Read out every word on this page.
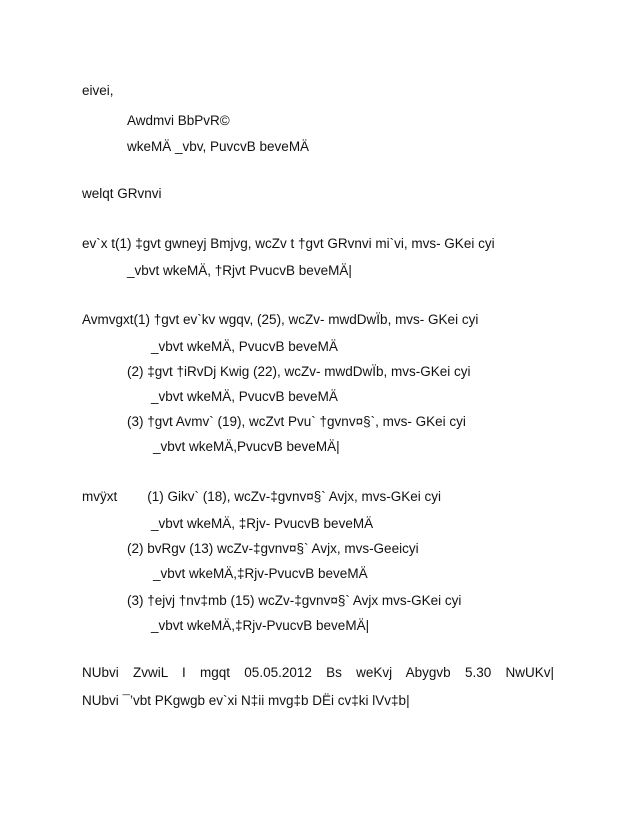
eivei,
Awdmvi BbPvR©
wkeMÄ _vbv, PuvcvB beveMÄ
welqt GRvnvi
ev`x t(1) ‡gvt gwneyj Bmjvg, wcZv t †gvt GRvnvi mi`vi, mvs- GKei cyi
_vbvt wkeMÄ, †Rjvt PvucvB beveMÄ|
Avmvgxt(1) †gvt ev`kv wgqv, (25), wcZv- mwdDwÏb, mvs- GKei cyi
_vbvt wkeMÄ, PvucvB beveMÄ
(2) ‡gvt †iRvDj Kwig (22), wcZv- mwdDwÏb, mvs-GKei cyi
_vbvt wkeMÄ, PvucvB beveMÄ
(3) †gvt Avmv` (19), wcZvt Pvu` †gvnv¤§`, mvs- GKei cyi
_vbvt wkeMÄ,PvucvB beveMÄ|
mvÿxt        (1) Gikv` (18), wcZv-‡gvnv¤§` Avjx, mvs-GKei cyi
_vbvt wkeMÄ, ‡Rjv- PvucvB beveMÄ
(2) bvRgv (13) wcZv-‡gvnv¤§` Avjx, mvs-Geeicyi
_vbvt wkeMÄ,‡Rjv-PvucvB beveMÄ
(3) †ejvj †nv‡mb (15) wcZv-‡gvnv¤§` Avjx mvs-GKei cyi
_vbvt wkeMÄ,‡Rjv-PvucvB beveMÄ|
NUbvi ZvwiL I mgqt 05.05.2012 Bs weKvj Abygvb 5.30 NwUKv|
NUbvi ¯’vbt PKgwgb ev`xi N‡ii mvg‡b DËi cv‡ki lVv‡b|
